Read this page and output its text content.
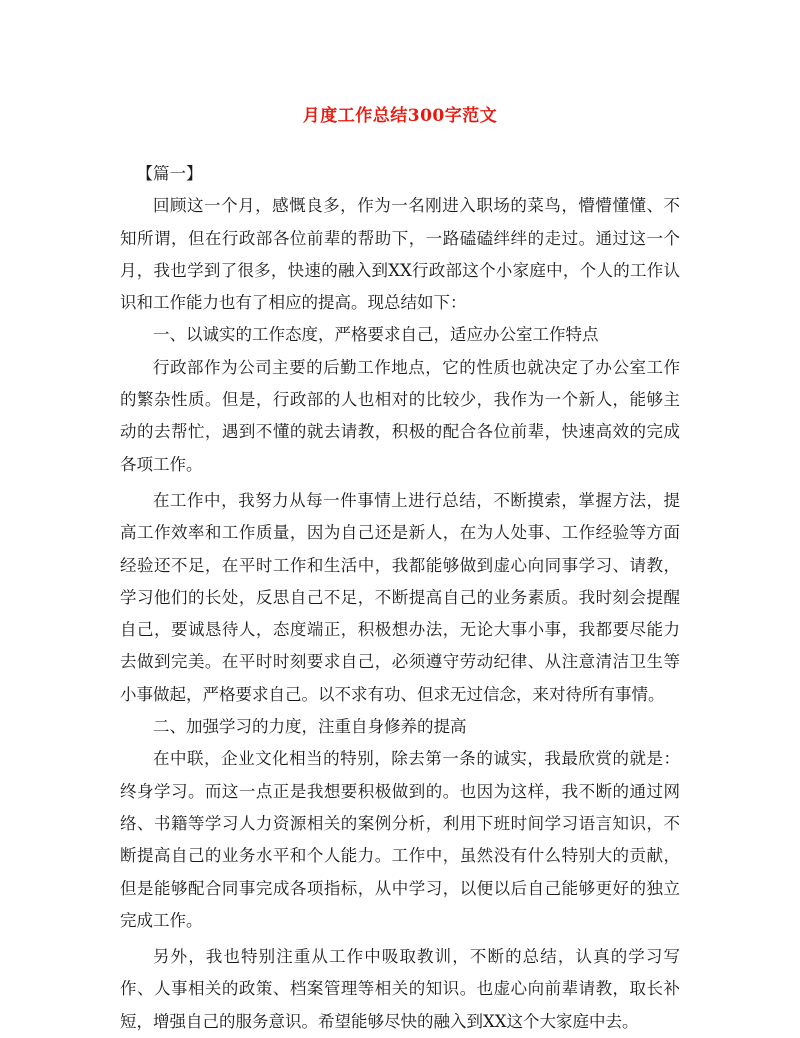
月度工作总结300字范文

【篇一】

回顾这一个月，感慨良多，作为一名刚进入职场的菜鸟，懵懵懂懂、不知所谓，但在行政部各位前辈的帮助下，一路磕磕绊绊的走过。通过这一个月，我也学到了很多，快速的融入到XX行政部这个小家庭中，个人的工作认识和工作能力也有了相应的提高。现总结如下：

一、以诚实的工作态度，严格要求自己，适应办公室工作特点

行政部作为公司主要的后勤工作地点，它的性质也就决定了办公室工作的繁杂性质。但是，行政部的人也相对的比较少，我作为一个新人，能够主动的去帮忙，遇到不懂的就去请教，积极的配合各位前辈，快速高效的完成各项工作。

在工作中，我努力从每一件事情上进行总结，不断摸索，掌握方法，提高工作效率和工作质量，因为自己还是新人，在为人处事、工作经验等方面经验还不足，在平时工作和生活中，我都能够做到虚心向同事学习、请教，学习他们的长处，反思自己不足，不断提高自己的业务素质。我时刻会提醒自己，要诚恳待人，态度端正，积极想办法，无论大事小事，我都要尽能力去做到完美。在平时时刻要求自己，必须遵守劳动纪律、从注意清洁卫生等小事做起，严格要求自己。以不求有功、但求无过信念，来对待所有事情。

二、加强学习的力度，注重自身修养的提高

在中联，企业文化相当的特别，除去第一条的诚实，我最欣赏的就是：终身学习。而这一点正是我想要积极做到的。也因为这样，我不断的通过网络、书籍等学习人力资源相关的案例分析，利用下班时间学习语言知识，不断提高自己的业务水平和个人能力。工作中，虽然没有什么特别大的贡献，但是能够配合同事完成各项指标，从中学习，以便以后自己能够更好的独立完成工作。

另外，我也特别注重从工作中吸取教训，不断的总结，认真的学习写作、人事相关的政策、档案管理等相关的知识。也虚心向前辈请教，取长补短，增强自己的服务意识。希望能够尽快的融入到XX这个大家庭中去。
